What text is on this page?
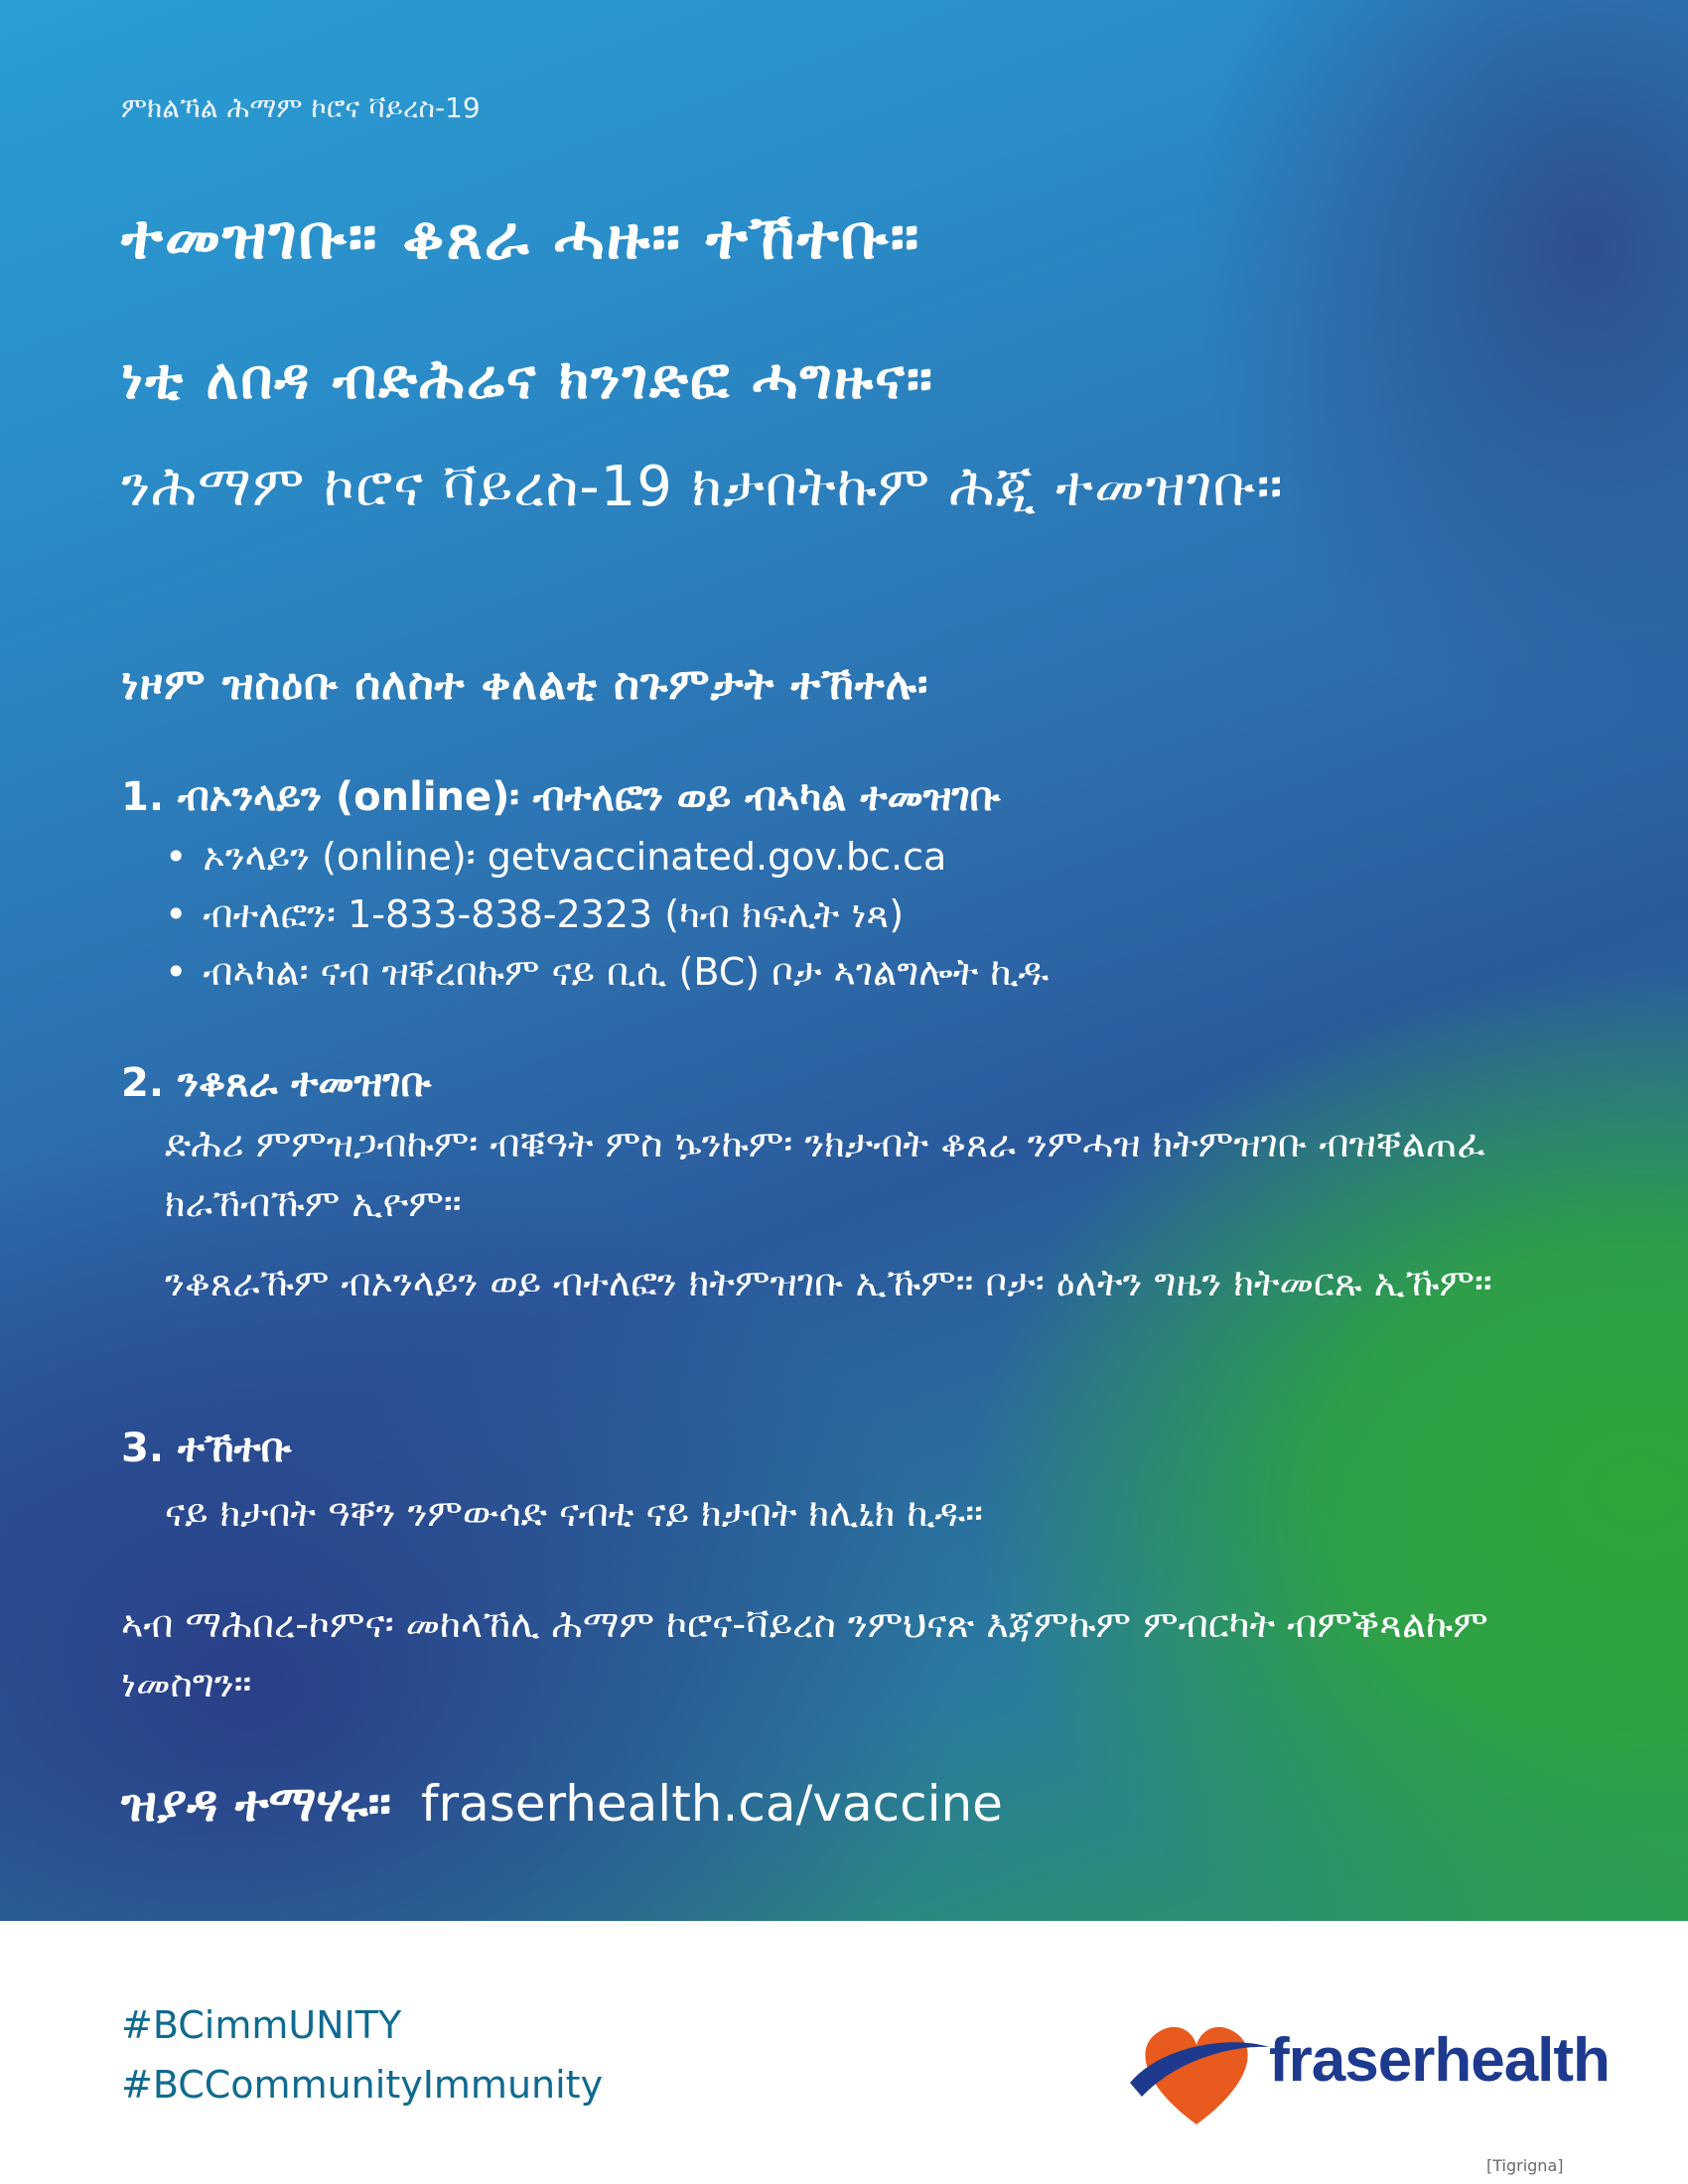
ምክልኻል ሕማም ኮሮና ቫይረስ-19
ተመዝገቡ። ቆጸራ ሓዙ። ተኸተቡ።
ነቲ ለበዳ ብድሕሬና ክንገድፎ ሓግዙና።
ንሕማም ኮሮና ቫይረስ-19 ክታበትኩም ሕጂ ተመዝገቡ።
ነዞም ዝስዕቡ ሰለስተ ቀለልቲ ስጉምታት ተኸተሉ፡
1. ብኦንላይን (online)፡ ብተለፎን ወይ ብኣካል ተመዝገቡ
• ኦንላይን (online)፡ getvaccinated.gov.bc.ca
• ብተለፎን፡ 1-833-838-2323 (ካብ ክፍሊት ነጻ)
• ብኣካል፡ ናብ ዝቐረበኩም ናይ ቢሲ (BC) ቦታ ኣገልግሎት ኪዱ
2. ንቆጸራ ተመዝገቡ
ድሕሪ ምምዝጋብኩም፡ ብቑዓት ምስ ኴንኩም፡ ንክታብት ቆጸራ ንምሓዝ ክትምዝገቡ ብዝቐልጠፈ ክራኸብኹም ኢዮም።
ንቆጸራኹም ብኦንላይን ወይ ብተለፎን ክትምዝገቡ ኢኹም። ቦታ፡ ዕለትን ግዜን ክትመርጹ ኢኹም።
3. ተኸተቡ
ናይ ክታበት ዓቐን ንምውሳድ ናብቲ ናይ ክታበት ክሊኒክ ኪዱ።
ኣብ ማሕበረ-ኮምና፡ መከላኸሊ ሕማም ኮሮና-ቫይረስ ንምህናጽ እጃምኩም ምብርካት ብምቕጻልኩም ነመስግን።
ዝያዳ ተማሃሩ። fraserhealth.ca/vaccine
#BCimmUNITY
#BCCommunityImmunity	fraserhealth
[Tigrigna]
